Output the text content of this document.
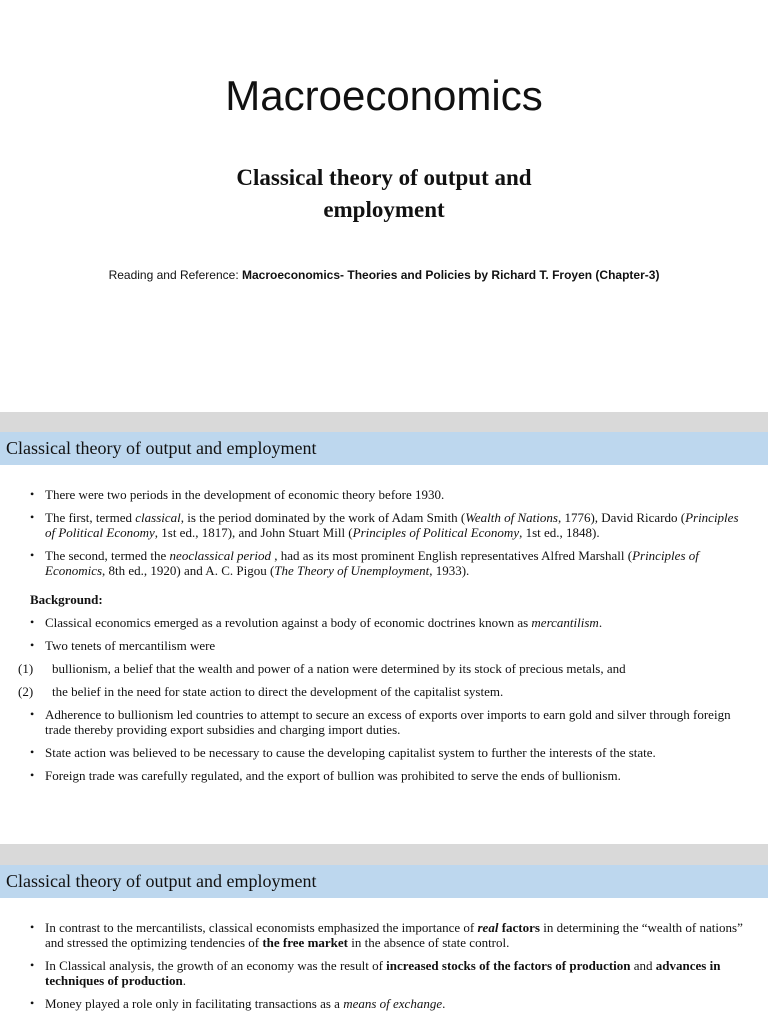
Macroeconomics
Classical theory of output and
employment
Reading and Reference: Macroeconomics- Theories and Policies by Richard T. Froyen (Chapter-3)
Classical theory of output and employment
• There were two periods in the development of economic theory before 1930.
• The first, termed classical, is the period dominated by the work of Adam Smith (Wealth of Nations, 1776), David Ricardo (Principles of Political Economy, 1st ed., 1817), and John Stuart Mill (Principles of Political Economy, 1st ed., 1848).
• The second, termed the neoclassical period , had as its most prominent English representatives Alfred Marshall (Principles of Economics, 8th ed., 1920) and A. C. Pigou (The Theory of Unemployment, 1933).
Background:
• Classical economics emerged as a revolution against a body of economic doctrines known as mercantilism.
• Two tenets of mercantilism were
(1) bullionism, a belief that the wealth and power of a nation were determined by its stock of precious metals, and
(2) the belief in the need for state action to direct the development of the capitalist system.
• Adherence to bullionism led countries to attempt to secure an excess of exports over imports to earn gold and silver through foreign trade thereby providing export subsidies and charging import duties.
• State action was believed to be necessary to cause the developing capitalist system to further the interests of the state.
• Foreign trade was carefully regulated, and the export of bullion was prohibited to serve the ends of bullionism.
Classical theory of output and employment
• In contrast to the mercantilists, classical economists emphasized the importance of real factors in determining the “wealth of nations” and stressed the optimizing tendencies of the free market in the absence of state control.
• In Classical analysis, the growth of an economy was the result of increased stocks of the factors of production and advances in techniques of production.
• Money played a role only in facilitating transactions as a means of exchange.
